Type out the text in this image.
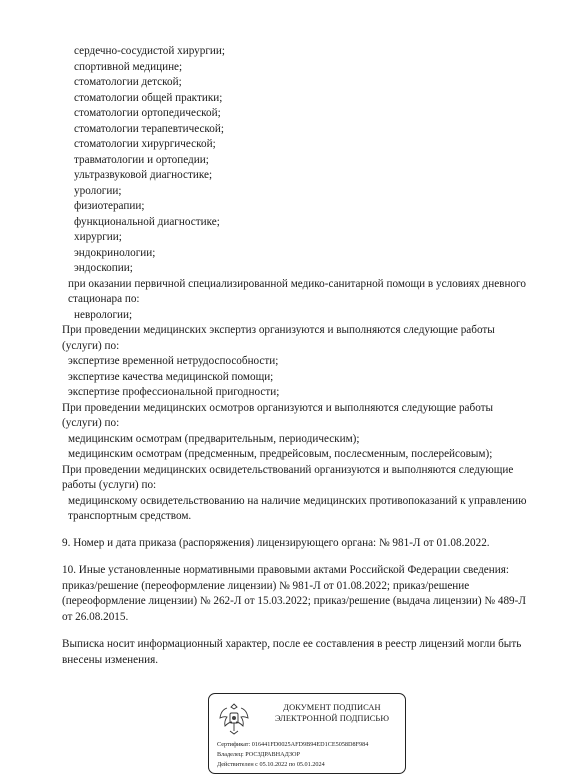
сердечно-сосудистой хирургии;
спортивной медицине;
стоматологии детской;
стоматологии общей практики;
стоматологии ортопедической;
стоматологии терапевтической;
стоматологии хирургической;
травматологии и ортопедии;
ультразвуковой диагностике;
урологии;
физиотерапии;
функциональной диагностике;
хирургии;
эндокринологии;
эндоскопии;
при оказании первичной специализированной медико-санитарной помощи в условиях дневного
стационара по:
неврологии;
При проведении медицинских экспертиз организуются и выполняются следующие работы
(услуги) по:
экспертизе временной нетрудоспособности;
экспертизе качества медицинской помощи;
экспертизе профессиональной пригодности;
При проведении медицинских осмотров организуются и выполняются следующие работы
(услуги) по:
медицинским осмотрам (предварительным, периодическим);
медицинским осмотрам (предсменным, предрейсовым, послесменным, послерейсовым);
При проведении медицинских освидетельствований организуются и выполняются следующие
работы (услуги) по:
медицинскому освидетельствованию на наличие медицинских противопоказаний к управлению
транспортным средством.
9. Номер и дата приказа (распоряжения) лицензирующего органа: № 981-Л от 01.08.2022.
10. Иные установленные нормативными правовыми актами Российской Федерации сведения:
приказ/решение (переоформление лицензии) № 981-Л от 01.08.2022; приказ/решение
(переоформление лицензии) № 262-Л от 15.03.2022; приказ/решение (выдача лицензии) № 489-Л
от 26.08.2015.
Выписка носит информационный характер, после ее составления в реестр лицензий могли быть
внесены изменения.
ДОКУМЕНТ ПОДПИСАН
ЭЛЕКТРОННОЙ ПОДПИСЬЮ
Сертификат: 016441FD0025AFD9B94ED1CE5058D8F984
Владелец: РОСЗДРАВНАДЗОР
Действителен с 05.10.2022 по 05.01.2024
